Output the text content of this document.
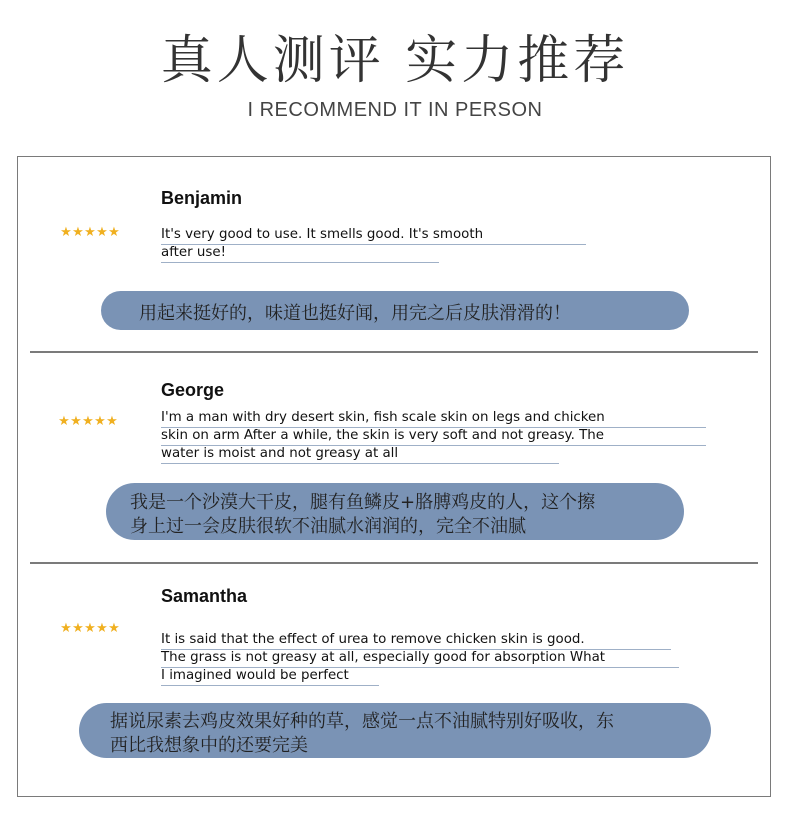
真人测评 实力推荐
I RECOMMEND IT IN PERSON
Benjamin
★ ★ ★ ★ ★	It's very good to use. It smells good. It's smooth
after use!
用起来挺好的，味道也挺好闻，用完之后皮肤滑滑的！
George
★ ★ ★ ★ ★	I'm a man with dry desert skin, fish scale skin on legs and chicken
skin on arm After a while, the skin is very soft and not greasy. The
water is moist and not greasy at all
我是一个沙漠大干皮，腿有鱼鳞皮+胳膊鸡皮的人，这个擦
身上过一会皮肤很软不油腻水润润的，完全不油腻
Samantha
★ ★ ★ ★ ★
It is said that the effect of urea to remove chicken skin is good.
The grass is not greasy at all, especially good for absorption What
I imagined would be perfect
据说尿素去鸡皮效果好种的草，感觉一点不油腻特别好吸收，东
西比我想象中的还要完美
